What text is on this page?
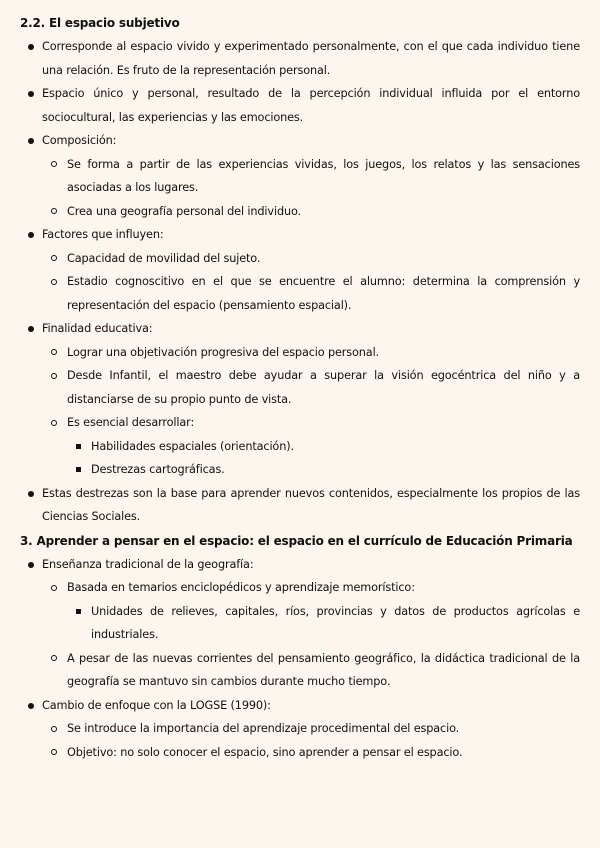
2.2. El espacio subjetivo
Corresponde al espacio vivido y experimentado personalmente, con el que cada individuo tiene una relación. Es fruto de la representación personal.
Espacio único y personal, resultado de la percepción individual influida por el entorno sociocultural, las experiencias y las emociones.
Composición:
Se forma a partir de las experiencias vividas, los juegos, los relatos y las sensaciones asociadas a los lugares.
Crea una geografía personal del individuo.
Factores que influyen:
Capacidad de movilidad del sujeto.
Estadio cognoscitivo en el que se encuentre el alumno: determina la comprensión y representación del espacio (pensamiento espacial).
Finalidad educativa:
Lograr una objetivación progresiva del espacio personal.
Desde Infantil, el maestro debe ayudar a superar la visión egocéntrica del niño y a distanciarse de su propio punto de vista.
Es esencial desarrollar:
Habilidades espaciales (orientación).
Destrezas cartográficas.
Estas destrezas son la base para aprender nuevos contenidos, especialmente los propios de las Ciencias Sociales.
3. Aprender a pensar en el espacio: el espacio en el currículo de Educación Primaria
Enseñanza tradicional de la geografía:
Basada en temarios enciclopédicos y aprendizaje memorístico:
Unidades de relieves, capitales, ríos, provincias y datos de productos agrícolas e industriales.
A pesar de las nuevas corrientes del pensamiento geográfico, la didáctica tradicional de la geografía se mantuvo sin cambios durante mucho tiempo.
Cambio de enfoque con la LOGSE (1990):
Se introduce la importancia del aprendizaje procedimental del espacio.
Objetivo: no solo conocer el espacio, sino aprender a pensar el espacio.
